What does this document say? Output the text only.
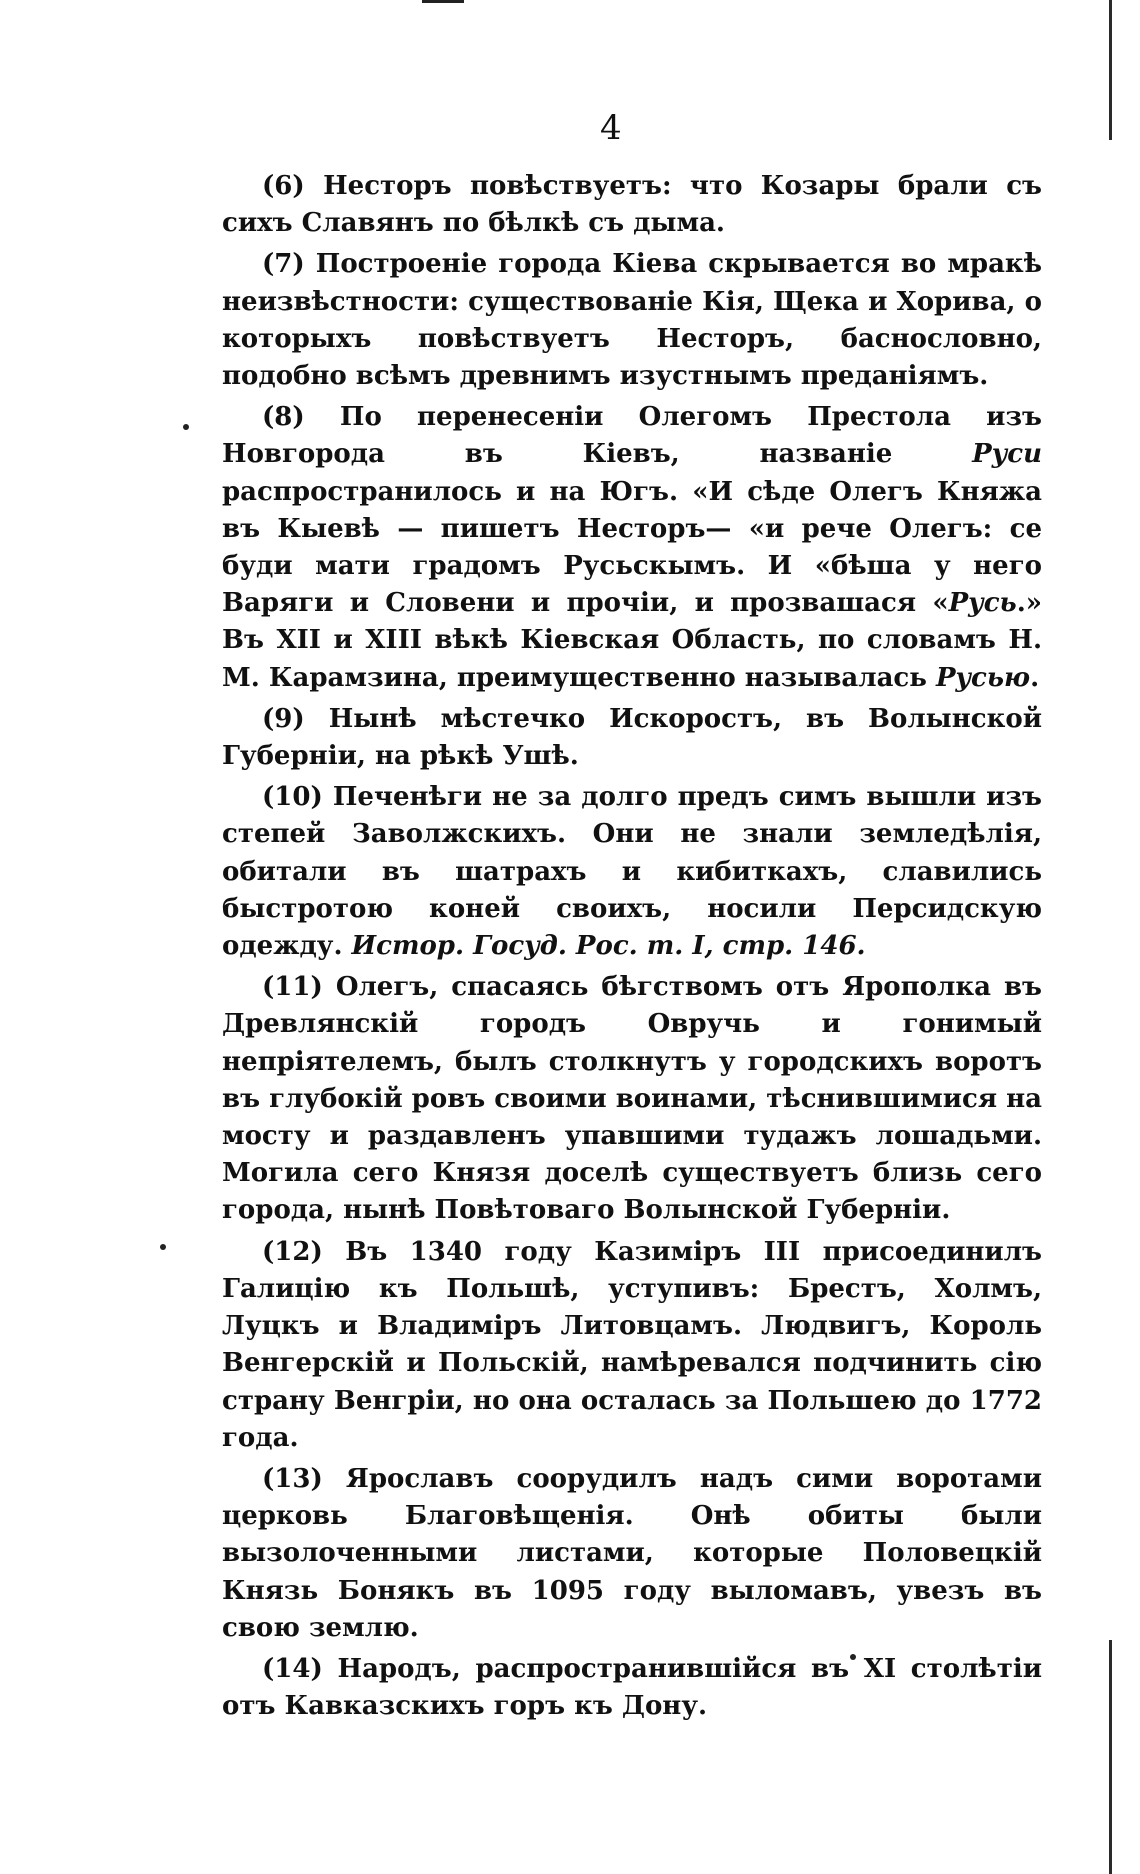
4

(6) Несторъ повѣствуетъ: что Козары брали съ сихъ Славянъ по бѣлкѣ съ дыма.

(7) Построеніе города Кіева скрывается во мракѣ неизвѣстности: существованіе Кія, Щека и Хорива, о которыхъ повѣствуетъ Несторъ, баснословно, подобно всѣмъ древнимъ изустнымъ преданіямъ.

(8) По перенесеніи Олегомъ Престола изъ Новгорода въ Кіевъ, названіе Руси распространилось и на Югъ. «И сѣде Олегъ Княжа въ Кыевѣ — пишетъ Несторъ— «и рече Олегъ: се буди мати градомъ Русьскымъ. И «бѣша у него Варяги и Словени и прочіи, и прозвашася «Русь.» Въ XII и XIII вѣкѣ Кіевская Область, по словамъ Н. М. Карамзина, преимущественно называлась Русью.

(9) Нынѣ мѣстечко Искоростъ, въ Волынской Губерніи, на рѣкѣ Ушѣ.

(10) Печенѣги не за долго предъ симъ вышли изъ степей Заволжскихъ. Они не знали земледѣлія, обитали въ шатрахъ и кибиткахъ, славились быстротою коней своихъ, носили Персидскую одежду. Истор. Госуд. Рос. т. I, стр. 146.

(11) Олегъ, спасаясь бѣгствомъ отъ Ярополка въ Древлянскій городъ Овручь и гонимый непріятелемъ, былъ столкнутъ у городскихъ воротъ въ глубокій ровъ своими воинами, тѣснившимися на мосту и раздавленъ упавшими тудажъ лошадьми. Могила сего Князя доселѣ существуетъ близь сего города, нынѣ Повѣтоваго Волынской Губерніи.

(12) Въ 1340 году Казиміръ III присоединилъ Галицію къ Польшѣ, уступивъ: Брестъ, Холмъ, Луцкъ и Владиміръ Литовцамъ. Людвигъ, Король Венгерскій и Польскій, намѣревался подчинить сію страну Венгріи, но она осталась за Польшею до 1772 года.

(13) Ярославъ соорудилъ надъ сими воротами церковь Благовѣщенія. Онѣ обиты были вызолоченными листами, которые Половецкій Князь Бонякъ въ 1095 году выломавъ, увезъ въ свою землю.

(14) Народъ, распространившійся въ XI столѣтіи отъ Кавказскихъ горъ къ Дону.
